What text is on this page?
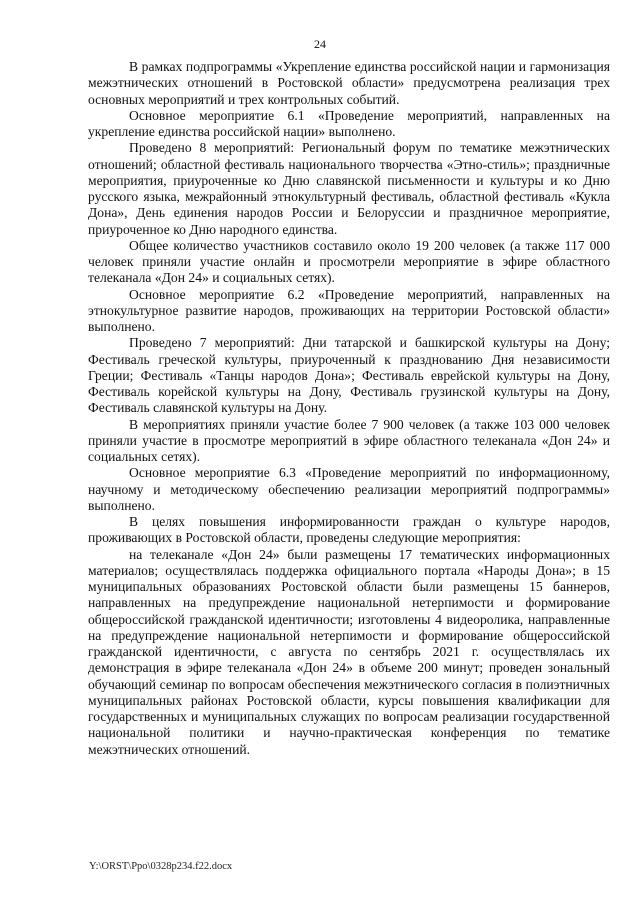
24

В рамках подпрограммы «Укрепление единства российской нации и гармонизация межэтнических отношений в Ростовской области» предусмотрена реализация трех основных мероприятий и трех контрольных событий.

Основное мероприятие 6.1 «Проведение мероприятий, направленных на укрепление единства российской нации» выполнено.

Проведено 8 мероприятий: Региональный форум по тематике межэтнических отношений; областной фестиваль национального творчества «Этно-стиль»; праздничные мероприятия, приуроченные ко Дню славянской письменности и культуры и ко Дню русского языка, межрайонный этнокультурный фестиваль, областной фестиваль «Кукла Дона», День единения народов России и Белоруссии и праздничное мероприятие, приуроченное ко Дню народного единства.

Общее количество участников составило около 19 200 человек (а также 117 000 человек приняли участие онлайн и просмотрели мероприятие в эфире областного телеканала «Дон 24» и социальных сетях).

Основное мероприятие 6.2 «Проведение мероприятий, направленных на этнокультурное развитие народов, проживающих на территории Ростовской области» выполнено.

Проведено 7 мероприятий: Дни татарской и башкирской культуры на Дону; Фестиваль греческой культуры, приуроченный к празднованию Дня независимости Греции; Фестиваль «Танцы народов Дона»; Фестиваль еврейской культуры на Дону, Фестиваль корейской культуры на Дону, Фестиваль грузинской культуры на Дону, Фестиваль славянской культуры на Дону.

В мероприятиях приняли участие более 7 900 человек (а также 103 000 человек приняли участие в просмотре мероприятий в эфире областного телеканала «Дон 24» и социальных сетях).

Основное мероприятие 6.3 «Проведение мероприятий по информационному, научному и методическому обеспечению реализации мероприятий подпрограммы» выполнено.

В целях повышения информированности граждан о культуре народов, проживающих в Ростовской области, проведены следующие мероприятия:

на телеканале «Дон 24» были размещены 17 тематических информационных материалов; осуществлялась поддержка официального портала «Народы Дона»; в 15 муниципальных образованиях Ростовской области были размещены 15 баннеров, направленных на предупреждение национальной нетерпимости и формирование общероссийской гражданской идентичности; изготовлены 4 видеоролика, направленные на предупреждение национальной нетерпимости и формирование общероссийской гражданской идентичности, с августа по сентябрь 2021 г. осуществлялась их демонстрация в эфире телеканала «Дон 24» в объеме 200 минут; проведен зональный обучающий семинар по вопросам обеспечения межэтнического согласия в полиэтничных муниципальных районах Ростовской области, курсы повышения квалификации для государственных и муниципальных служащих по вопросам реализации государственной национальной политики и научно-практическая конференция по тематике межэтнических отношений.

Y:\ORST\Ppo\0328p234.f22.docx
